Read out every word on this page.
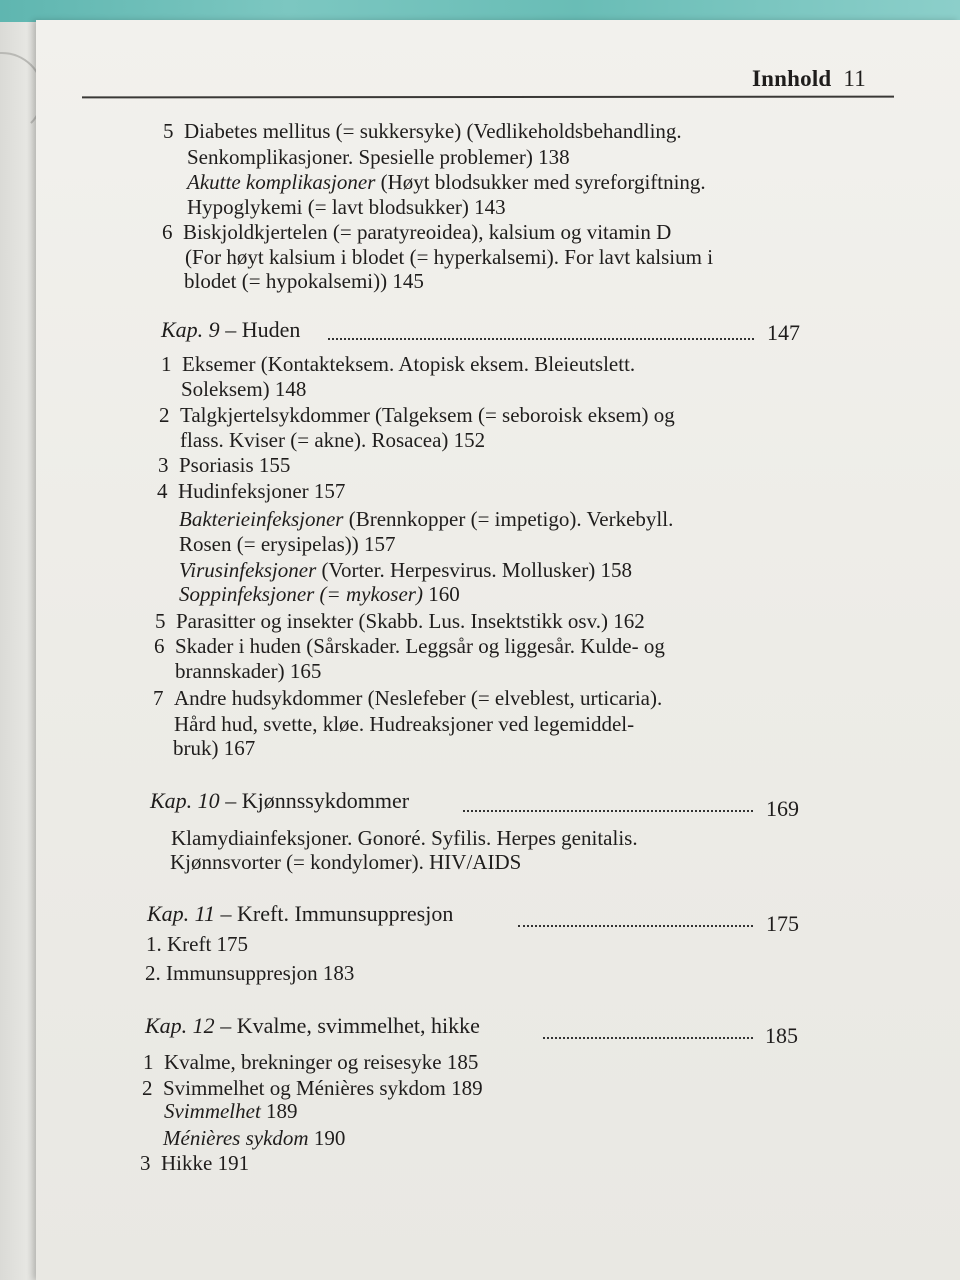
Innhold 11
5 Diabetes mellitus (= sukkersyke) (Vedlikeholdsbehandling.
Senkomplikasjoner. Spesielle problemer) 138
Akutte komplikasjoner (Høyt blodsukker med syreforgiftning.
Hypoglykemi (= lavt blodsukker) 143
6 Biskjoldkjertelen (= paratyreoidea), kalsium og vitamin D
(For høyt kalsium i blodet (= hyperkalsemi). For lavt kalsium i
blodet (= hypokalsemi)) 145
Kap. 9 – Huden	147
1 Eksemer (Kontakteksem. Atopisk eksem. Bleieutslett.
Soleksem) 148
2 Talgkjertelsykdommer (Talgeksem (= seboroisk eksem) og
flass. Kviser (= akne). Rosacea) 152
3 Psoriasis 155
4 Hudinfeksjoner 157
Bakterieinfeksjoner (Brennkopper (= impetigo). Verkebyll.
Rosen (= erysipelas)) 157
Virusinfeksjoner (Vorter. Herpesvirus. Mollusker) 158
Soppinfeksjoner (= mykoser) 160
5 Parasitter og insekter (Skabb. Lus. Insektstikk osv.) 162
6 Skader i huden (Sårskader. Leggsår og liggesår. Kulde- og
brannskader) 165
7 Andre hudsykdommer (Neslefeber (= elveblest, urticaria).
Hård hud, svette, kløe. Hudreaksjoner ved legemiddel-
bruk) 167
Kap. 10 – Kjønnssykdommer	169
Klamydiainfeksjoner. Gonoré. Syfilis. Herpes genitalis.
Kjønnsvorter (= kondylomer). HIV/AIDS
Kap. 11 – Kreft. Immunsuppresjon	175
1. Kreft 175
2. Immunsuppresjon 183
Kap. 12 – Kvalme, svimmelhet, hikke	185
1 Kvalme, brekninger og reisesyke 185
2 Svimmelhet og Ménières sykdom 189
Svimmelhet 189
Ménières sykdom 190
3 Hikke 191
